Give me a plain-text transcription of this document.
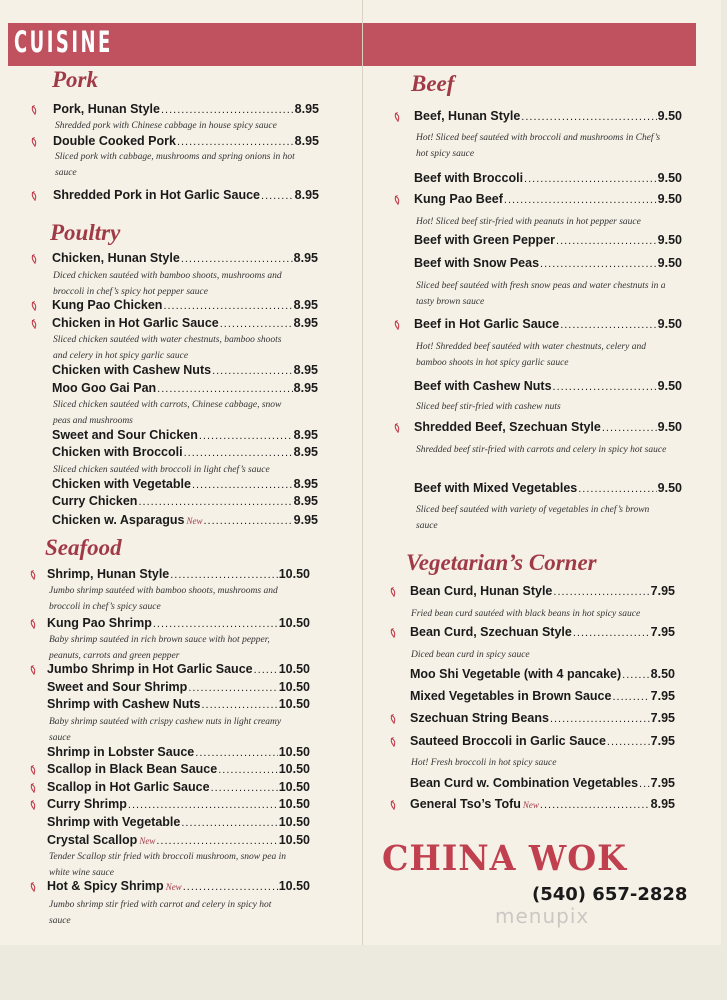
CUISINE
Pork
Pork, Hunan Style .....	8.95
Shredded pork with Chinese cabbage in house spicy sauce
Double Cooked Pork .....	8.95
Sliced pork with cabbage, mushrooms and spring onions in hot sauce
Shredded Pork in Hot Garlic Sauce .....	8.95
Poultry
Chicken, Hunan Style .....	8.95
Diced chicken sautéed with bamboo shoots, mushrooms and broccoli in chef’s spicy hot pepper sauce
Kung Pao Chicken .....	8.95
Chicken in Hot Garlic Sauce .....	8.95
Sliced chicken sautéed with water chestnuts, bamboo shoots and celery in hot spicy garlic sauce
Chicken with Cashew Nuts .....	8.95
Moo Goo Gai Pan .....	8.95
Sliced chicken sautéed with carrots, Chinese cabbage, snow peas and mushrooms
Sweet and Sour Chicken .....	8.95
Chicken with Broccoli .....	8.95
Sliced chicken sautéed with broccoli in light chef’s sauce
Chicken with Vegetable .....	8.95
Curry Chicken .....	8.95
Chicken w. Asparagus New .....	9.95
Seafood
Shrimp, Hunan Style .....	10.50
Jumbo shrimp sautéed with bamboo shoots, mushrooms and broccoli in chef’s spicy sauce
Kung Pao Shrimp .....	10.50
Baby shrimp sautéed in rich brown sauce with hot pepper, peanuts, carrots and green pepper
Jumbo Shrimp in Hot Garlic Sauce ..... 10.50
Sweet and Sour Shrimp .....	10.50
Shrimp with Cashew Nuts .....	10.50
Baby shrimp sautéed with crispy cashew nuts in light creamy sauce
Shrimp in Lobster Sauce .....	10.50
Scallop in Black Bean Sauce .....	10.50
Scallop in Hot Garlic Sauce .....	10.50
Curry Shrimp .....	10.50
Shrimp with Vegetable .....	10.50
Crystal Scallop New .....	10.50
Tender Scallop stir fried with broccoli mushroom, snow pea in white wine sauce
Hot & Spicy Shrimp New .....	10.50
Jumbo shrimp stir fried with carrot and celery in spicy hot sauce
Beef
Beef, Hunan Style .....	9.50
Hot! Sliced beef sautéed with broccoli and mushrooms in Chef’s hot spicy sauce
Beef with Broccoli .....	9.50
Kung Pao Beef .....	9.50
Hot! Sliced beef stir-fried with peanuts in hot pepper sauce
Beef with Green Pepper .....	9.50
Beef with Snow Peas .....	9.50
Sliced beef sautéed with fresh snow peas and water chestnuts in a tasty brown sauce
Beef in Hot Garlic Sauce .....	9.50
Hot! Shredded beef sautéed with water chestnuts, celery and bamboo shoots in hot spicy garlic sauce
Beef with Cashew Nuts .....	9.50
Sliced beef stir-fried with cashew nuts
Shredded Beef, Szechuan Style .....	9.50
Shredded beef stir-fried with carrots and celery in spicy hot sauce
Beef with Mixed Vegetables .....	9.50
Sliced beef sautéed with variety of vegetables in chef’s brown sauce
Vegetarian’s Corner
Bean Curd, Hunan Style .....	7.95
Fried bean curd sautéed with black beans in hot spicy sauce
Bean Curd, Szechuan Style .....	7.95
Diced bean curd in spicy sauce
Moo Shi Vegetable (with 4 pancake) ..... 8.50
Mixed Vegetables in Brown Sauce .....	7.95
Szechuan String Beans .....	7.95
Sauteed Broccoli in Garlic Sauce .....	7.95
Hot! Fresh broccoli in hot spicy sauce
Bean Curd w. Combination Vegetables ..... 7.95
General Tso’s Tofu New .....	8.95
CHINA WOK
(540) 657-2828
menupix
